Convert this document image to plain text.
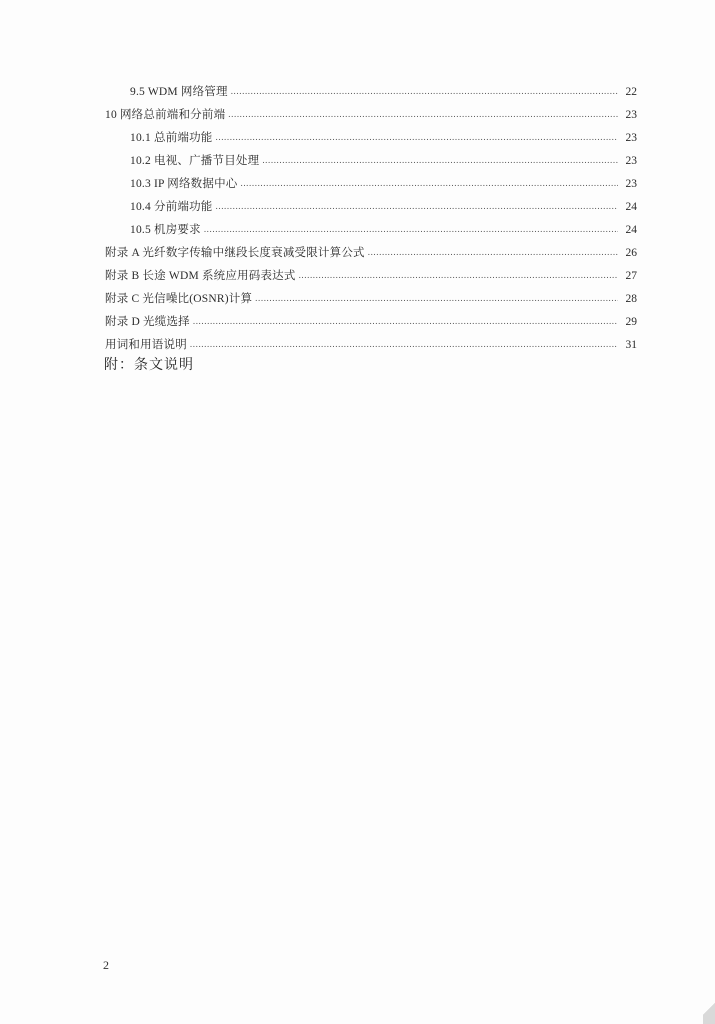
9.5 WDM 网络管理 .....	22
10 网络总前端和分前端 .....	23
10.1 总前端功能 .....	23
10.2 电视、广播节目处理 .....	23
10.3 IP 网络数据中心 .....	23
10.4 分前端功能 .....	24
10.5 机房要求 .....	24
附录 A 光纤数字传输中继段长度衰减受限计算公式 .....	26
附录 B 长途 WDM 系统应用码表达式 .....	27
附录 C 光信噪比(OSNR)计算 .....	28
附录 D 光缆选择 .....	29
用词和用语说明 .....	31
附：条文说明
2
